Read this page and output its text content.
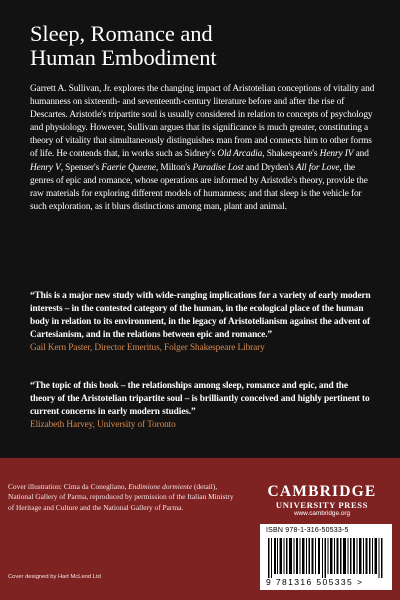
Sleep, Romance and
Human Embodiment

Garrett A. Sullivan, Jr. explores the changing impact of Aristotelian conceptions of vitality and humanness on sixteenth- and seventeenth-century literature before and after the rise of Descartes. Aristotle's tripartite soul is usually considered in relation to concepts of psychology and physiology. However, Sullivan argues that its significance is much greater, constituting a theory of vitality that simultaneously distinguishes man from and connects him to other forms of life. He contends that, in works such as Sidney's Old Arcadia, Shakespeare's Henry IV and Henry V, Spenser's Faerie Queene, Milton's Paradise Lost and Dryden's All for Love, the genres of epic and romance, whose operations are informed by Aristotle's theory, provide the raw materials for exploring different models of humanness; and that sleep is the vehicle for such exploration, as it blurs distinctions among man, plant and animal.

“This is a major new study with wide-ranging implications for a variety of early modern interests – in the contested category of the human, in the ecological place of the human body in relation to its environment, in the legacy of Aristotelianism against the advent of Cartesianism, and in the relations between epic and romance.”
Gail Kern Paster, Director Emeritus, Folger Shakespeare Library

“The topic of this book – the relationships among sleep, romance and epic, and the theory of the Aristotelian tripartite soul – is brilliantly conceived and highly pertinent to current concerns in early modern studies.”
Elizabeth Harvey, University of Toronto

Cover illustration: Cima da Conegliano, Endimione dormiente (detail), National Gallery of Parma, reproduced by permission of the Italian Ministry of Heritage and Culture and the National Gallery of Parma.

Cover designed by Hart McLeod Ltd
CAMBRIDGE
UNIVERSITY PRESS
www.cambridge.org
ISBN 978-1-316-50533-5
9 781316 505335 >
